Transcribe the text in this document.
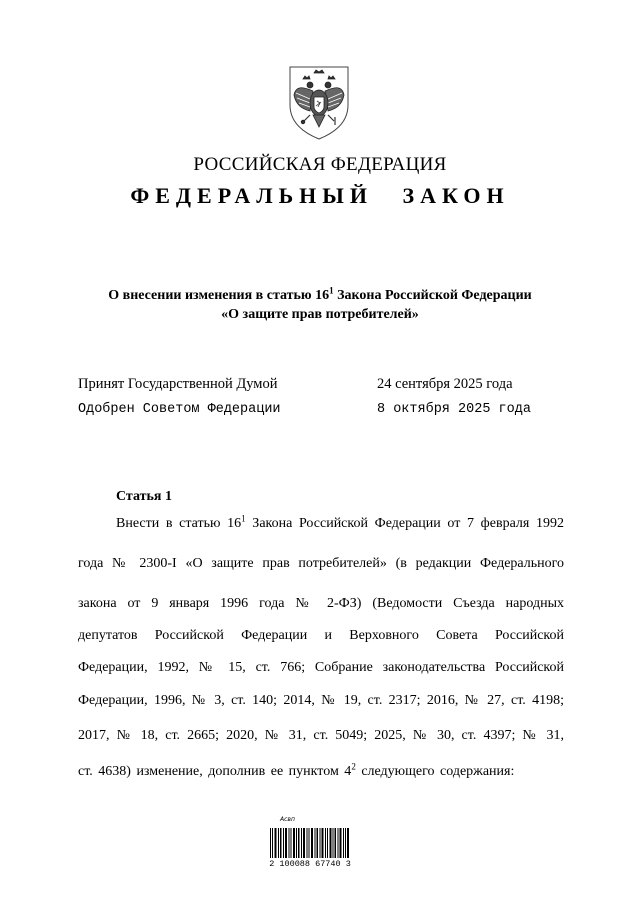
РОССИЙСКАЯ ФЕДЕРАЦИЯ
ФЕДЕРАЛЬНЫЙ ЗАКОН
О внесении изменения в статью $16^1$ Закона Российской Федерации
«О защите прав потребителей»
Принят Государственной Думой	24 сентября 2025 года
Одобрен Советом Федерации	8 октября 2025 года
Статья 1
Внести в статью $16^1$ Закона Российской Федерации от 7 февраля 1992
года № 2300-I «О защите прав потребителей» (в редакции Федерального
закона от 9 января 1996 года № 2-ФЗ) (Ведомости Съезда народных
депутатов Российской Федерации и Верховного Совета Российской
Федерации, 1992, № 15, ст. 766; Собрание законодательства Российской
Федерации, 1996, № 3, ст. 140; 2014, № 19, ст. 2317; 2016, № 27, ст. 4198;
2017, № 18, ст. 2665; 2020, № 31, ст. 5049; 2025, № 30, ст. 4397; № 31,
ст. 4638) изменение, дополнив ее пунктом $4^2$ следующего содержания:
Асвп
2 100088 67740 3
